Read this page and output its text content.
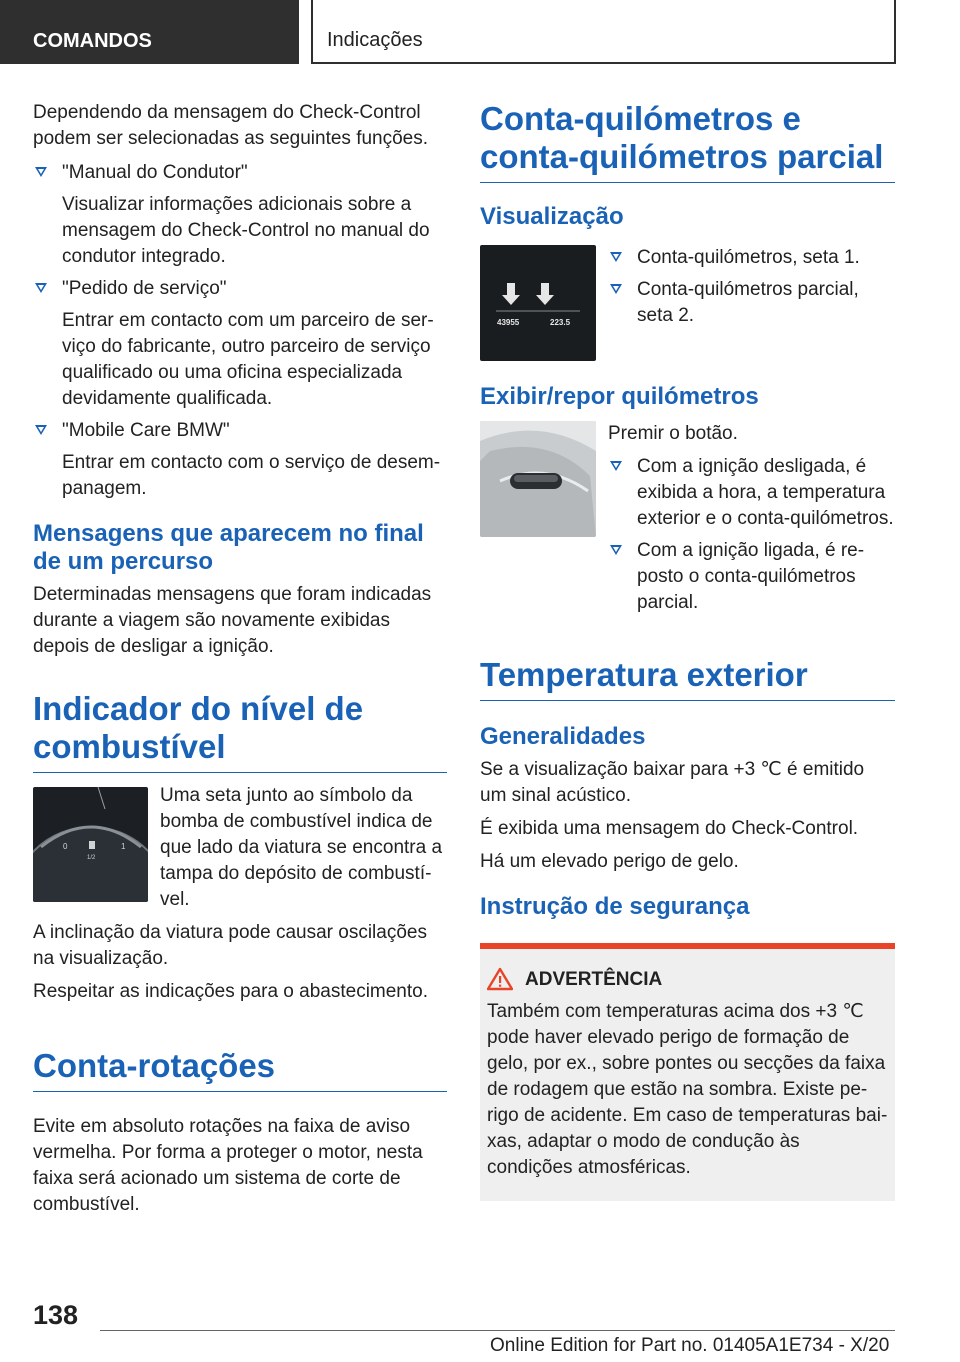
COMANDOS	Indicações

Dependendo da mensagem do Check-Control podem ser selecionadas as seguintes funções.

"Manual do Condutor"
Visualizar informações adicionais sobre a mensagem do Check-Control no manual do condutor integrado.
"Pedido de serviço"
Entrar em contacto com um parceiro de serviço do fabricante, outro parceiro de serviço qualificado ou uma oficina especializada devidamente qualificada.
"Mobile Care BMW"
Entrar em contacto com o serviço de desempanagem.
Mensagens que aparecem no final de um percurso

Determinadas mensagens que foram indicadas durante a viagem são novamente exibidas depois de desligar a ignição.

Indicador do nível de combustível
0	1
1/2

Uma seta junto ao símbolo da bomba de combustível indica de que lado da viatura se encontra a tampa do depósito de combustível.

A inclinação da viatura pode causar oscilações na visualização.

Respeitar as indicações para o abastecimento.

Conta-rotações

Evite em absoluto rotações na faixa de aviso vermelha. Por forma a proteger o motor, nesta faixa será acionado um sistema de corte de combustível.

Conta-quilómetros e conta-quilómetros parcial
Visualização
1	2
43955	223.5
Conta-quilómetros, seta 1.
Conta-quilómetros parcial, seta 2.
Exibir/repor quilómetros

Premir o botão.

Com a ignição desligada, é exibida a hora, a temperatura exterior e o conta-quilómetros.
Com a ignição ligada, é reposto o conta-quilómetros parcial.
Temperatura exterior
Generalidades

Se a visualização baixar para +3 ℃ é emitido um sinal acústico.

É exibida uma mensagem do Check-Control.

Há um elevado perigo de gelo.

Instrução de segurança
ADVERTÊNCIA

Também com temperaturas acima dos +3 ℃ pode haver elevado perigo de formação de gelo, por ex., sobre pontes ou secções da faixa de rodagem que estão na sombra. Existe perigo de acidente. Em caso de temperaturas baixas, adaptar o modo de condução às condições atmosféricas.

138
Online Edition for Part no. 01405A1E734 - X/20
